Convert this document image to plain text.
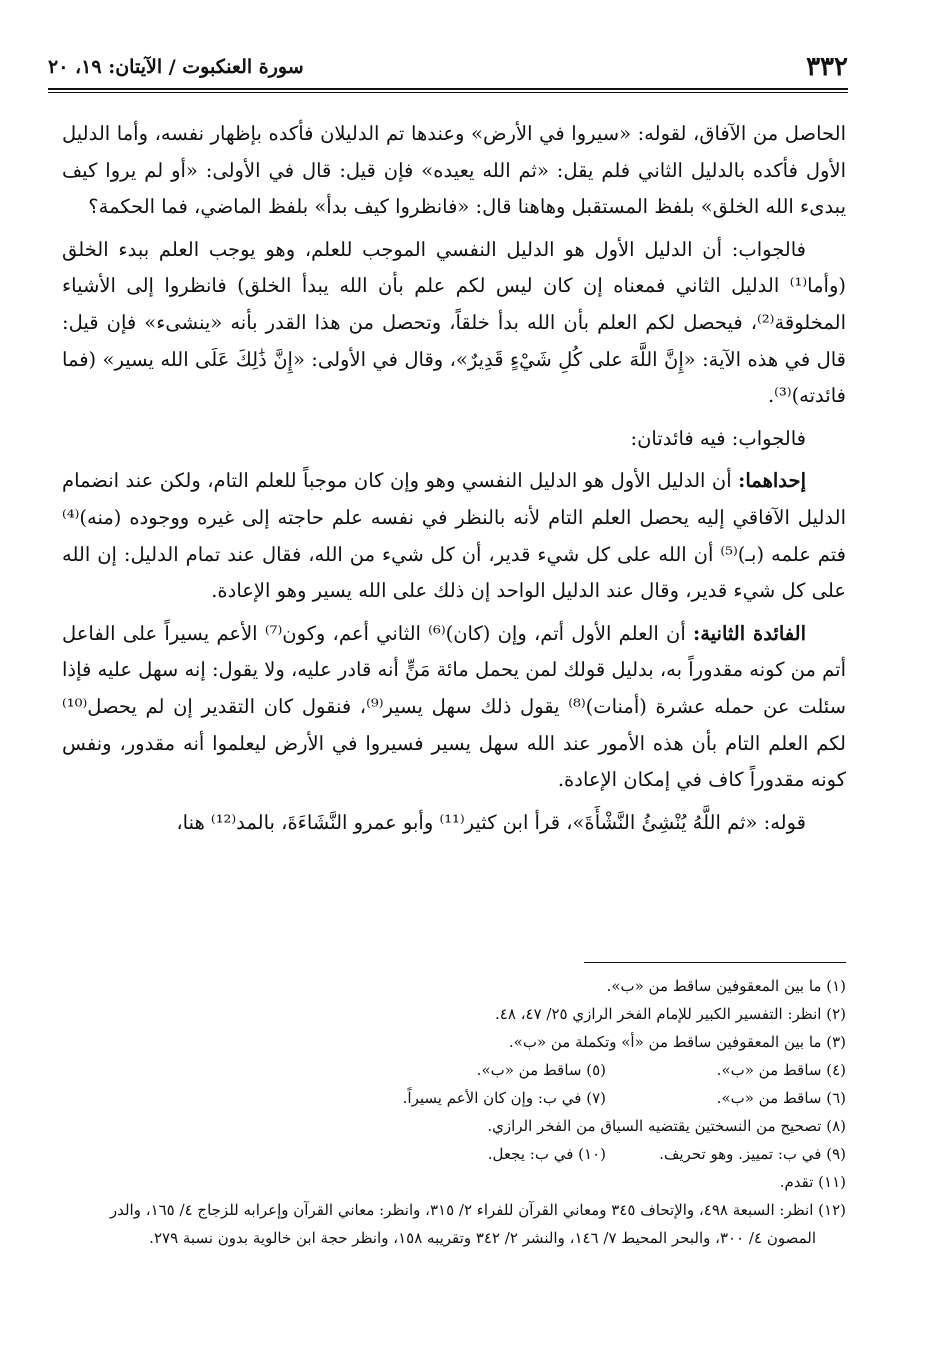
٣٣٢
سورة العنكبوت / الآيتان: ١٩، ٢٠

الحاصل من الآفاق، لقوله: «سيروا في الأرض» وعندها تم الدليلان فأكده بإظهار نفسه، وأما الدليل الأول فأكده بالدليل الثاني فلم يقل: «ثم الله يعيده» فإن قيل: قال في الأولى: «أو لم يروا كيف يبدىء الله الخلق» بلفظ المستقبل وهاهنا قال: «فانظروا كيف بدأ» بلفظ الماضي، فما الحكمة؟

فالجواب: أن الدليل الأول هو الدليل النفسي الموجب للعلم، وهو يوجب العلم ببدء الخلق (وأما⁽¹⁾ الدليل الثاني فمعناه إن كان ليس لكم علم بأن الله يبدأ الخلق) فانظروا إلى الأشياء المخلوقة⁽²⁾، فيحصل لكم العلم بأن الله بدأ خلقاً، وتحصل من هذا القدر بأنه «ينشىء» فإن قيل: قال في هذه الآية: «إِنَّ اللَّهَ على كُلِ شَيْءٍ قَدِيرٌ»، وقال في الأولى: «إِنَّ ذَٰلِكَ عَلَى الله يسير» (فما فائدته)⁽³⁾.

فالجواب: فيه فائدتان:

إحداهما: أن الدليل الأول هو الدليل النفسي وهو وإن كان موجباً للعلم التام، ولكن عند انضمام الدليل الآفاقي إليه يحصل العلم التام لأنه بالنظر في نفسه علم حاجته إلى غيره ووجوده (منه)⁽⁴⁾ فتم علمه (بـ)⁽⁵⁾ أن الله على كل شيء قدير، أن كل شيء من الله، فقال عند تمام الدليل: إن الله على كل شيء قدير، وقال عند الدليل الواحد إن ذلك على الله يسير وهو الإعادة.

الفائدة الثانية: أن العلم الأول أتم، وإن (كان)⁽⁶⁾ الثاني أعم، وكون⁽⁷⁾ الأعم يسيراً على الفاعل أتم من كونه مقدوراً به، بدليل قولك لمن يحمل مائة مَنٍّ أنه قادر عليه، ولا يقول: إنه سهل عليه فإذا سئلت عن حمله عشرة (أمنات)⁽⁸⁾ يقول ذلك سهل يسير⁽⁹⁾، فنقول كان التقدير إن لم يحصل⁽¹⁰⁾ لكم العلم التام بأن هذه الأمور عند الله سهل يسير فسيروا في الأرض ليعلموا أنه مقدور، ونفس كونه مقدوراً كاف في إمكان الإعادة.

قوله: «ثم اللَّهُ يُنْشِئُ النَّشْأَةَ»، قرأ ابن كثير⁽¹¹⁾ وأبو عمرو النَّشَاءَةَ، بالمد⁽¹²⁾ هنا،

(١) ما بين المعقوفين ساقط من «ب».

(٢) انظر: التفسير الكبير للإمام الفخر الرازي ٢٥/ ٤٧، ٤٨.

(٣) ما بين المعقوفين ساقط من «أ» وتكملة من «ب».

(٤) ساقط من «ب».
(٥) ساقط من «ب».
(٦) ساقط من «ب».
(٧) في ب: وإن كان الأعم يسيراً.

(٨) تصحيح من النسختين يقتضيه السياق من الفخر الرازي.

(٩) في ب: تمييز. وهو تحريف.
(١٠) في ب: يجعل.

(١١) تقدم.

(١٢) انظر: السبعة ٤٩٨، والإتحاف ٣٤٥ ومعاني القرآن للفراء ٢/ ٣١٥، وانظر: معاني القرآن وإعرابه للزجاج ٤/ ١٦٥، والدر المصون ٤/ ٣٠٠، والبحر المحيط ٧/ ١٤٦، والنشر ٢/ ٣٤٢ وتقريبه ١٥٨، وانظر حجة ابن خالوية بدون نسبة ٢٧٩.
